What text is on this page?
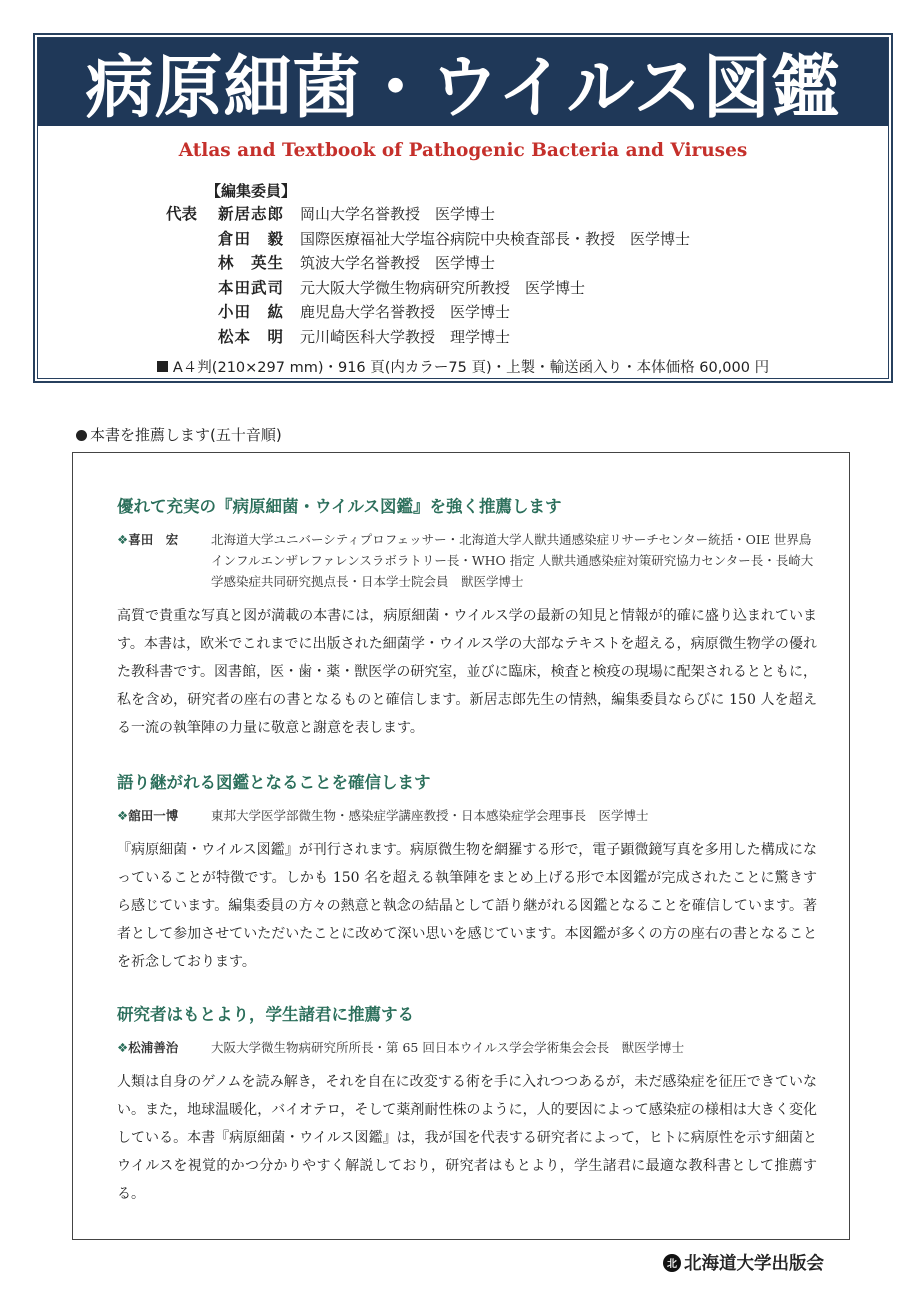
病原細菌・ウイルス図鑑
Atlas and Textbook of Pathogenic Bacteria and Viruses
【編集委員】
代表	新居志郎	岡山大学名誉教授　医学博士
倉田　毅	国際医療福祉大学塩谷病院中央検査部長・教授　医学博士
林　英生	筑波大学名誉教授　医学博士
本田武司	元大阪大学微生物病研究所教授　医学博士
小田　紘	鹿児島大学名誉教授　医学博士
松本　明	元川崎医科大学教授　理学博士
A４判(210×297 mm)・916 頁(内カラー75 頁)・上製・輸送函入り・本体価格 60,000 円
本書を推薦します(五十音順)
優れて充実の『病原細菌・ウイルス図鑑』を強く推薦します
❖喜田　宏	北海道大学ユニバーシティプロフェッサー・北海道大学人獣共通感染症リサーチセンター統括・OIE 世界鳥インフルエンザレファレンスラボラトリー長・WHO 指定 人獣共通感染症対策研究協力センター長・長崎大学感染症共同研究拠点長・日本学士院会員　獣医学博士
高質で貴重な写真と図が満載の本書には，病原細菌・ウイルス学の最新の知見と情報が的確に盛り込まれています。本書は，欧米でこれまでに出版された細菌学・ウイルス学の大部なテキストを超える，病原微生物学の優れた教科書です。図書館，医・歯・薬・獣医学の研究室，並びに臨床，検査と検疫の現場に配架されるとともに，私を含め，研究者の座右の書となるものと確信します。新居志郎先生の情熱，編集委員ならびに 150 人を超える一流の執筆陣の力量に敬意と謝意を表します。
語り継がれる図鑑となることを確信します
❖舘田一博	東邦大学医学部微生物・感染症学講座教授・日本感染症学会理事長　医学博士
『病原細菌・ウイルス図鑑』が刊行されます。病原微生物を網羅する形で，電子顕微鏡写真を多用した構成になっていることが特徴です。しかも 150 名を超える執筆陣をまとめ上げる形で本図鑑が完成されたことに驚きすら感じています。編集委員の方々の熱意と執念の結晶として語り継がれる図鑑となることを確信しています。著者として参加させていただいたことに改めて深い思いを感じています。本図鑑が多くの方の座右の書となることを祈念しております。
研究者はもとより，学生諸君に推薦する
❖松浦善治	大阪大学微生物病研究所所長・第 65 回日本ウイルス学会学術集会会長　獣医学博士
人類は自身のゲノムを読み解き，それを自在に改変する術を手に入れつつあるが，未だ感染症を征圧できていない。また，地球温暖化，バイオテロ，そして薬剤耐性株のように，人的要因によって感染症の様相は大きく変化している。本書『病原細菌・ウイルス図鑑』は，我が国を代表する研究者によって，ヒトに病原性を示す細菌とウイルスを視覚的かつ分かりやすく解説しており，研究者はもとより，学生諸君に最適な教科書として推薦する。
北 北海道大学出版会
